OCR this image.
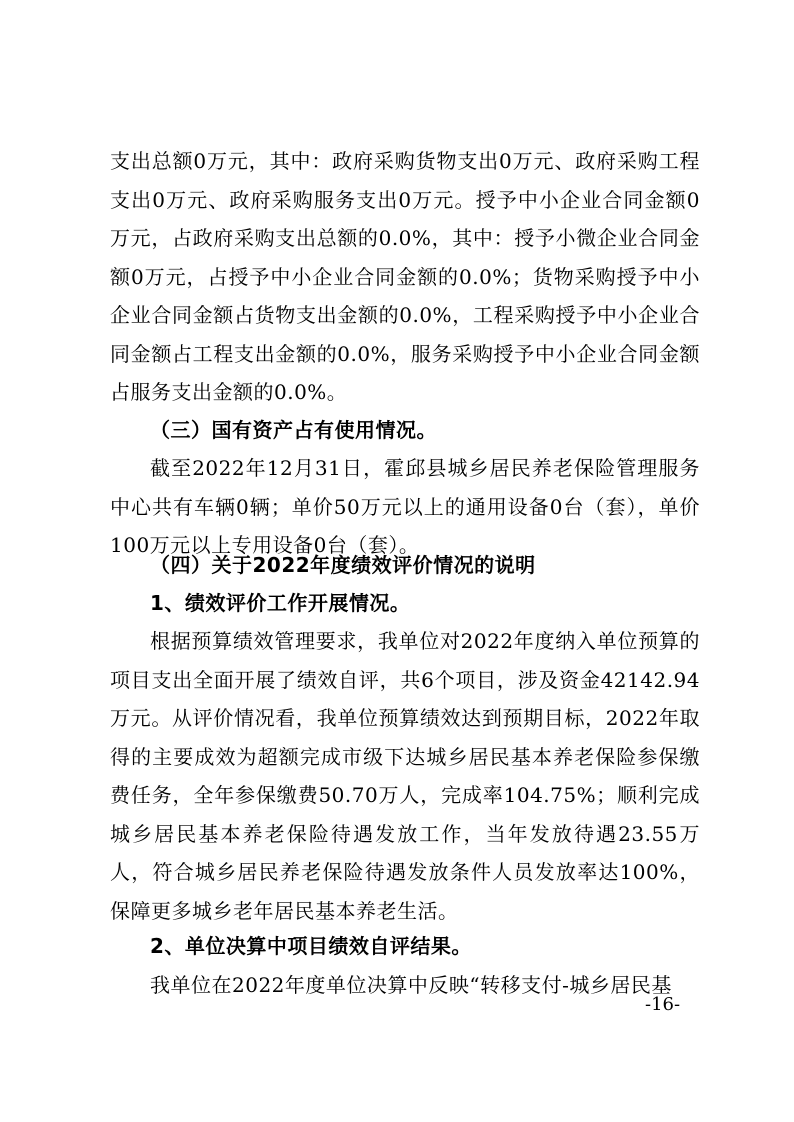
支出总额0万元，其中：政府采购货物支出0万元、政府采购工程支出0万元、政府采购服务支出0万元。授予中小企业合同金额0万元，占政府采购支出总额的0.0%，其中：授予小微企业合同金额0万元，占授予中小企业合同金额的0.0%；货物采购授予中小企业合同金额占货物支出金额的0.0%，工程采购授予中小企业合同金额占工程支出金额的0.0%，服务采购授予中小企业合同金额占服务支出金额的0.0%。

（三）国有资产占有使用情况。

截至2022年12月31日，霍邱县城乡居民养老保险管理服务中心共有车辆0辆；单价50万元以上的通用设备0台（套），单价100万元以上专用设备0台（套）。

（四）关于2022年度绩效评价情况的说明

1、绩效评价工作开展情况。

根据预算绩效管理要求，我单位对2022年度纳入单位预算的项目支出全面开展了绩效自评，共6个项目，涉及资金42142.94万元。从评价情况看，我单位预算绩效达到预期目标，2022年取得的主要成效为超额完成市级下达城乡居民基本养老保险参保缴费任务，全年参保缴费50.70万人，完成率104.75%；顺利完成城乡居民基本养老保险待遇发放工作，当年发放待遇23.55万人，符合城乡居民养老保险待遇发放条件人员发放率达100%，保障更多城乡老年居民基本养老生活。

2、单位决算中项目绩效自评结果。

我单位在2022年度单位决算中反映“转移支付-城乡居民基

-16-
